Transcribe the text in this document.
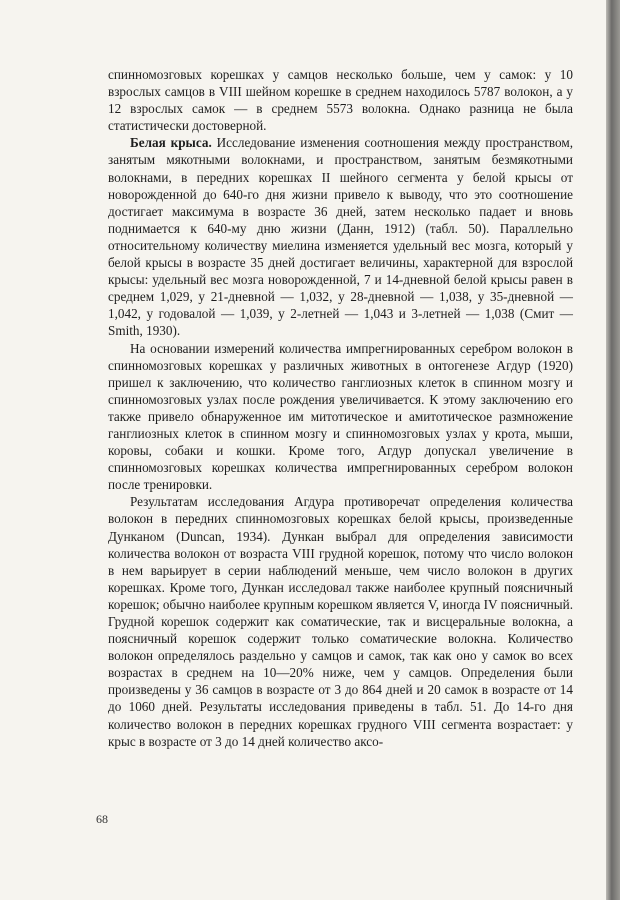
спинномозговых корешках у самцов несколько больше, чем у самок: у 10 взрослых самцов в VIII шейном корешке в среднем находилось 5787 волокон, а у 12 взрослых самок — в среднем 5573 волокна. Однако разница не была статистически достоверной.

Белая крыса. Исследование изменения соотношения между пространством, занятым мякотными волокнами, и пространством, занятым безмякотными волокнами, в передних корешках II шейного сегмента у белой крысы от новорожденной до 640-го дня жизни привело к выводу, что это соотношение достигает максимума в возрасте 36 дней, затем несколько падает и вновь поднимается к 640-му дню жизни (Данн, 1912) (табл. 50). Параллельно относительному количеству миелина изменяется удельный вес мозга, который у белой крысы в возрасте 35 дней достигает величины, характерной для взрослой крысы: удельный вес мозга новорожденной, 7 и 14-дневной белой крысы равен в среднем 1,029, у 21-дневной — 1,032, у 28-дневной — 1,038, у 35-дневной — 1,042, у годовалой — 1,039, у 2-летней — 1,043 и 3-летней — 1,038 (Смит — Smith, 1930).

На основании измерений количества импрегнированных серебром волокон в спинномозговых корешках у различных животных в онтогенезе Агдур (1920) пришел к заключению, что количество ганглиозных клеток в спинном мозгу и спинномозговых узлах после рождения увеличивается. К этому заключению его также привело обнаруженное им митотическое и амитотическое размножение ганглиозных клеток в спинном мозгу и спинномозговых узлах у крота, мыши, коровы, собаки и кошки. Кроме того, Агдур допускал увеличение в спинномозговых корешках количества импрегнированных серебром волокон после тренировки.

Результатам исследования Агдура противоречат определения количества волокон в передних спинномозговых корешках белой крысы, произведенные Дунканом (Duncan, 1934). Дункан выбрал для определения зависимости количества волокон от возраста VIII грудной корешок, потому что число волокон в нем варьирует в серии наблюдений меньше, чем число волокон в других корешках. Кроме того, Дункан исследовал также наиболее крупный поясничный корешок; обычно наиболее крупным корешком является V, иногда IV поясничный. Грудной корешок содержит как соматические, так и висцеральные волокна, а поясничный корешок содержит только соматические волокна. Количество волокон определялось раздельно у самцов и самок, так как оно у самок во всех возрастах в среднем на 10—20% ниже, чем у самцов. Определения были произведены у 36 самцов в возрасте от 3 до 864 дней и 20 самок в возрасте от 14 до 1060 дней. Результаты исследования приведены в табл. 51. До 14-го дня количество волокон в передних корешках грудного VIII сегмента возрастает: у крыс в возрасте от 3 до 14 дней количество аксо-

68
